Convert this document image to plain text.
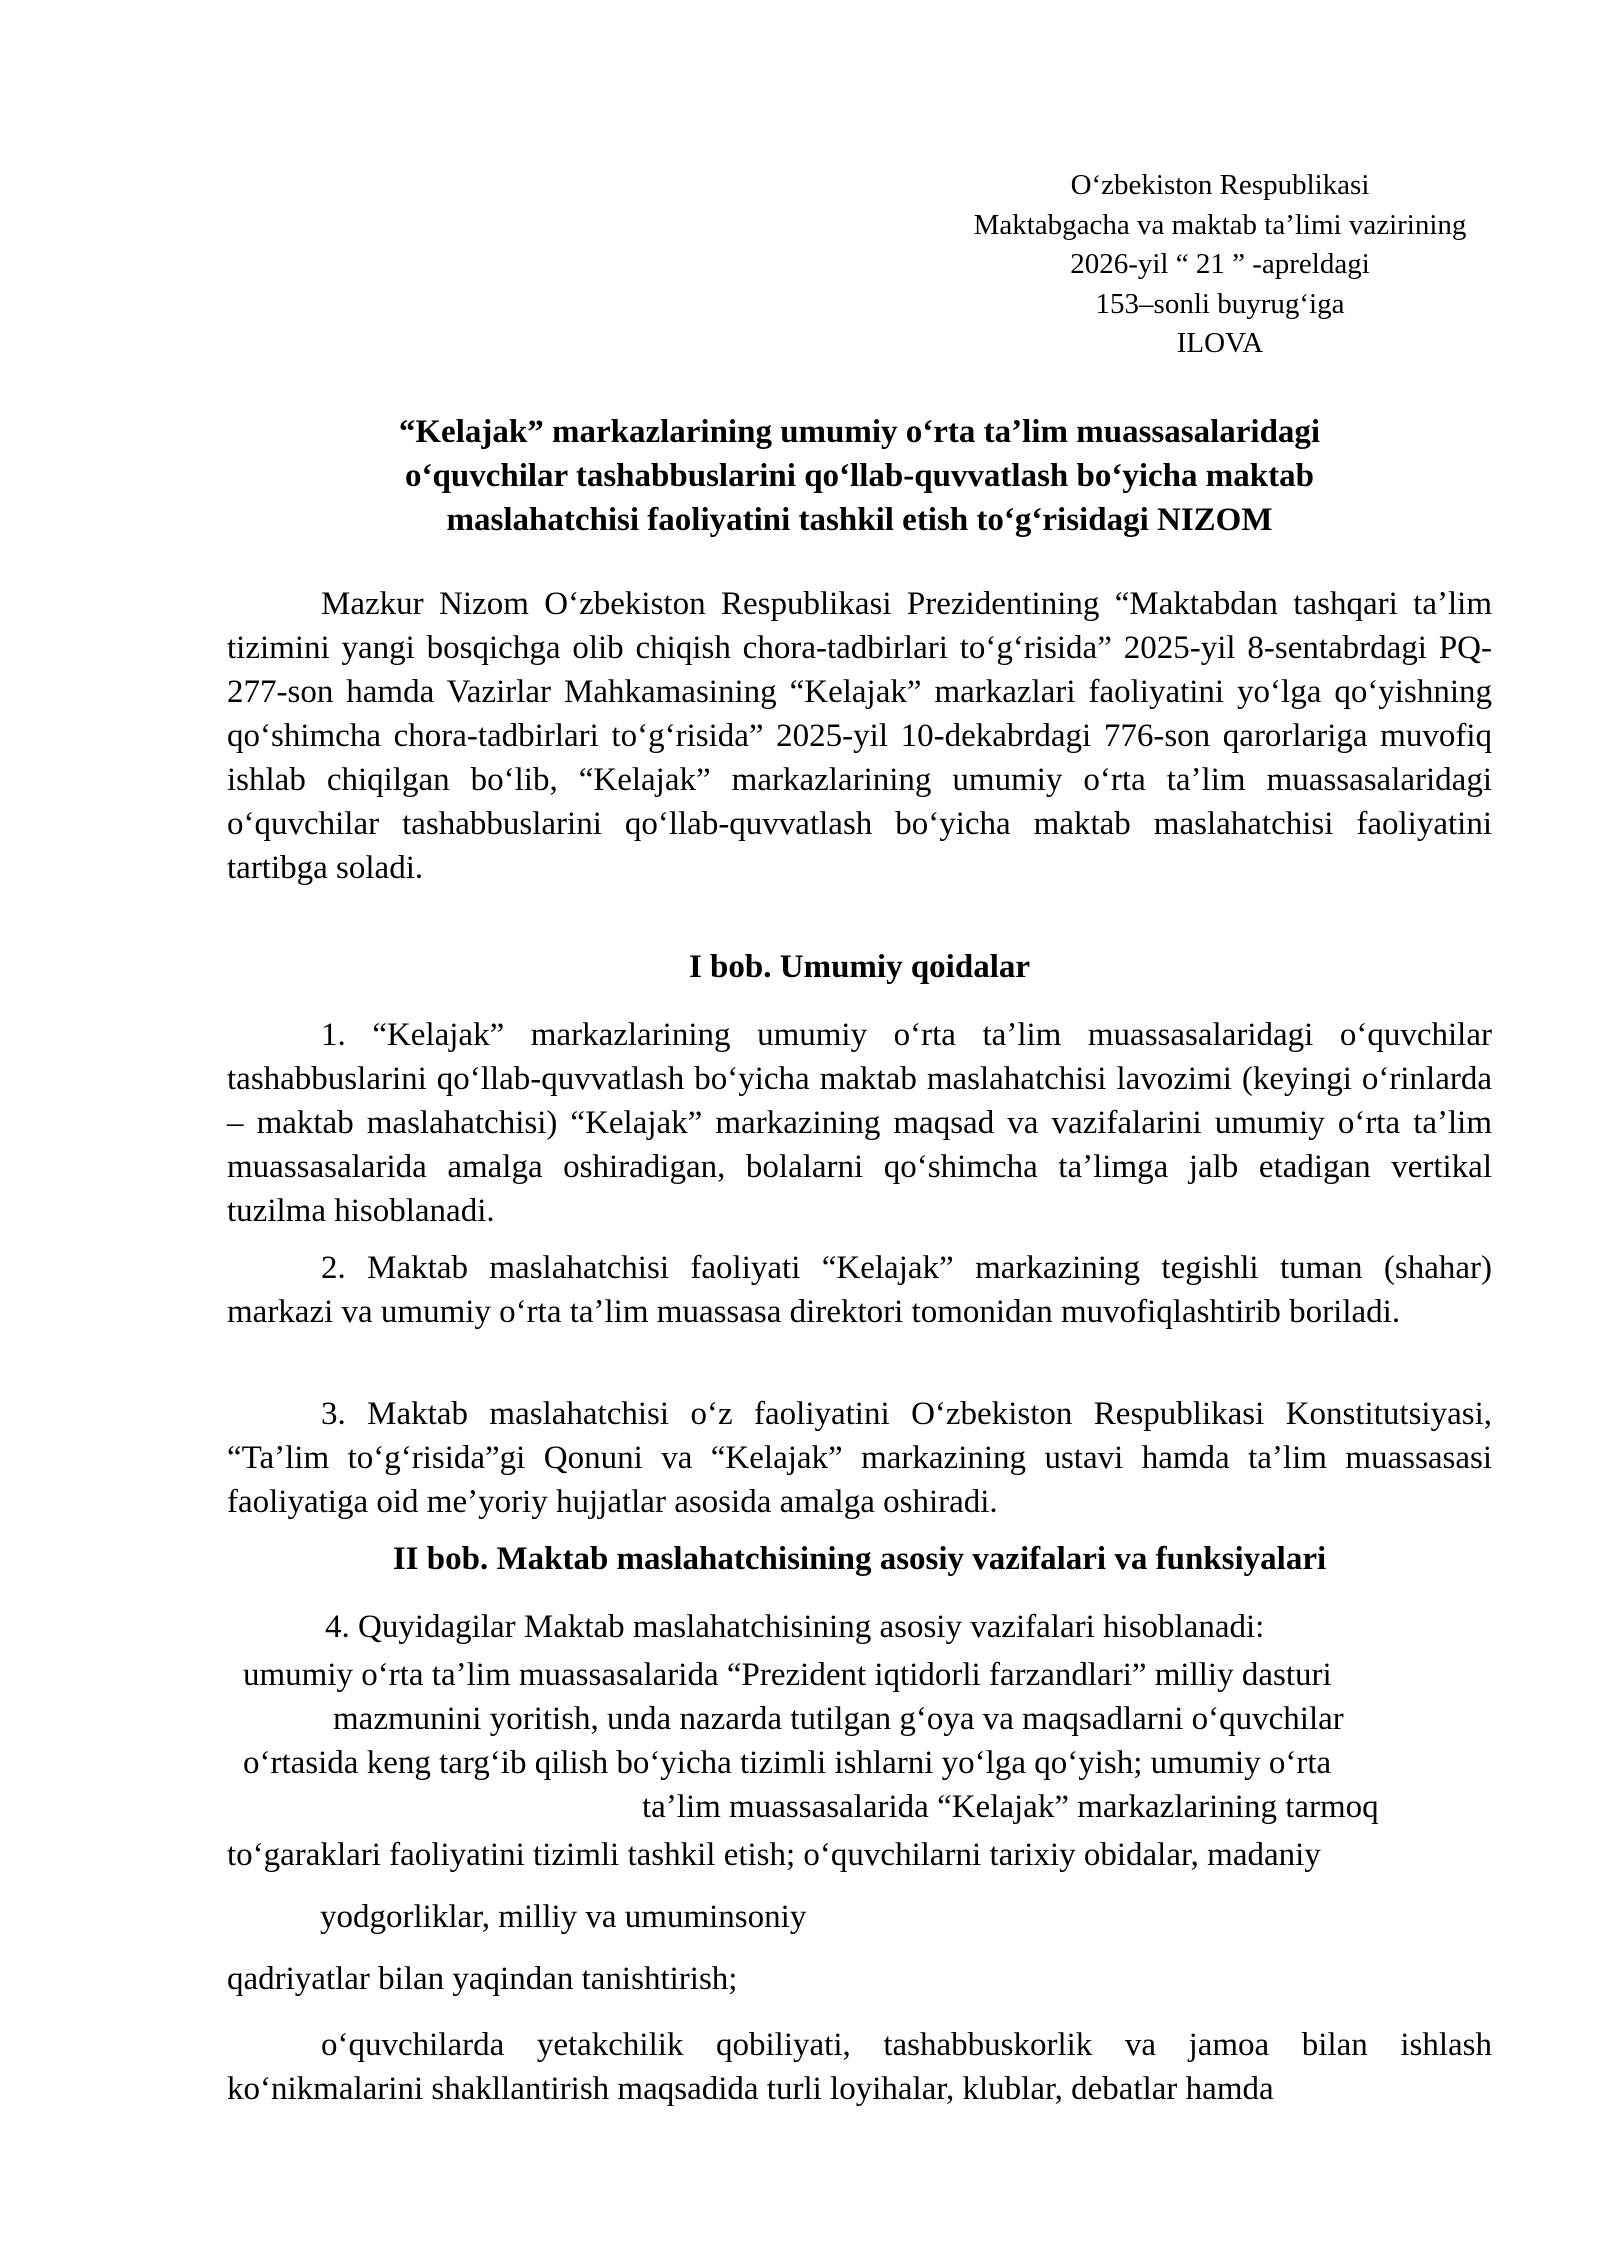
Oʻzbekiston Respublikasi
Maktabgacha va maktab taʼlimi vazirining
2026-yil “ 21 ” -apreldagi
153–sonli buyrugʻiga
ILOVA
“Kelajak” markazlarining umumiy oʻrta taʼlim muassasalaridagi
oʻquvchilar tashabbuslarini qoʻllab-quvvatlash boʻyicha maktab
maslahatchisi faoliyatini tashkil etish toʻgʻrisidagi NIZOM
Mazkur Nizom Oʻzbekiston Respublikasi Prezidentining “Maktabdan tashqari taʼlim tizimini yangi bosqichga olib chiqish chora-tadbirlari toʻgʻrisida” 2025-yil 8-sentabrdagi PQ-277-son hamda Vazirlar Mahkamasining “Kelajak” markazlari faoliyatini yoʻlga qoʻyishning qoʻshimcha chora-tadbirlari toʻgʻrisida” 2025-yil 10-dekabrdagi 776-son qarorlariga muvofiq ishlab chiqilgan boʻlib, “Kelajak” markazlarining umumiy oʻrta taʼlim muassasalaridagi oʻquvchilar tashabbuslarini qoʻllab-quvvatlash boʻyicha maktab maslahatchisi faoliyatini tartibga soladi.
I bob. Umumiy qoidalar
1. “Kelajak” markazlarining umumiy oʻrta taʼlim muassasalaridagi oʻquvchilar tashabbuslarini qoʻllab-quvvatlash boʻyicha maktab maslahatchisi lavozimi (keyingi oʻrinlarda – maktab maslahatchisi) “Kelajak” markazining maqsad va vazifalarini umumiy oʻrta taʼlim muassasalarida amalga oshiradigan, bolalarni qoʻshimcha taʼlimga jalb etadigan vertikal tuzilma hisoblanadi.
2. Maktab maslahatchisi faoliyati “Kelajak” markazining tegishli tuman (shahar) markazi va umumiy oʻrta taʼlim muassasa direktori tomonidan muvofiqlashtirib boriladi.
3. Maktab maslahatchisi oʻz faoliyatini Oʻzbekiston Respublikasi Konstitutsiyasi, “Taʼlim toʻgʻrisida”gi Qonuni va “Kelajak” markazining ustavi hamda taʼlim muassasasi faoliyatiga oid meʼyoriy hujjatlar asosida amalga oshiradi.
II bob. Maktab maslahatchisining asosiy vazifalari va funksiyalari
4. Quyidagilar Maktab maslahatchisining asosiy vazifalari hisoblanadi:
umumiy oʻrta taʼlim muassasalarida “Prezident iqtidorli farzandlari” milliy dasturi
mazmunini yoritish, unda nazarda tutilgan gʻoya va maqsadlarni oʻquvchilar
oʻrtasida keng targʻib qilish boʻyicha tizimli ishlarni yoʻlga qoʻyish; umumiy oʻrta
taʼlim muassasalarida “Kelajak” markazlarining tarmoq
toʻgaraklari faoliyatini tizimli tashkil etish; oʻquvchilarni tarixiy obidalar, madaniy
yodgorliklar, milliy va umuminsoniy
qadriyatlar bilan yaqindan tanishtirish;
oʻquvchilarda yetakchilik qobiliyati, tashabbuskorlik va jamoa bilan ishlash koʻnikmalarini shakllantirish maqsadida turli loyihalar, klublar, debatlar hamda
